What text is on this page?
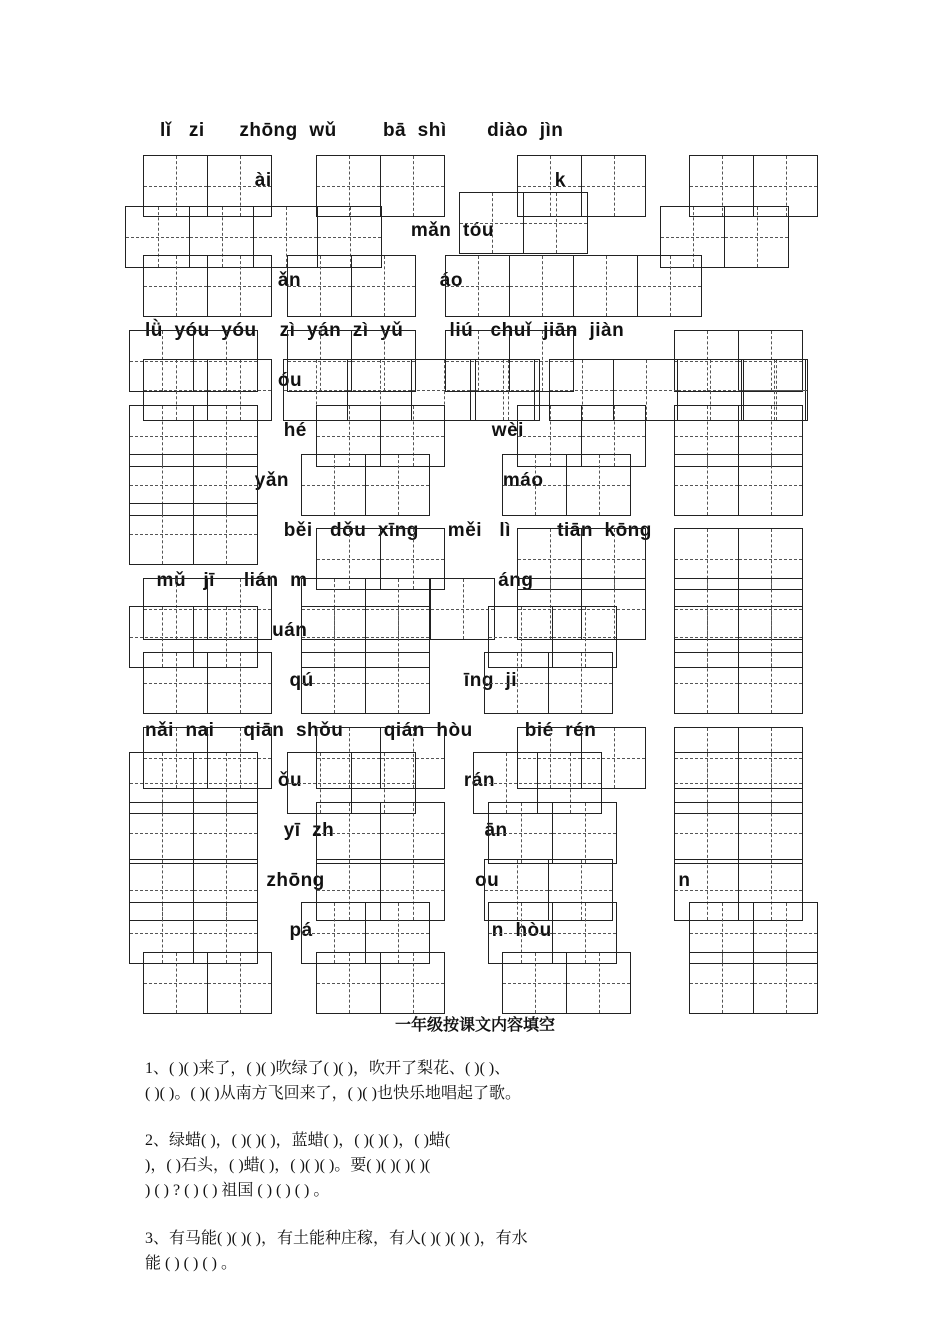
lǐ   zi      zhōng  wǔ        bā  shì       diào  jìn
ài                                                 k
mǎn  tóu
ǎn                        áo
lǜ  yóu  yóu    zì  yán  zì  yǔ        liú   chuǐ  jiān  jiàn
óu
hé                                wèi
yǎn                                     máo
běi   dǒu  xīng     měi   lì        tiān  kōng
mǔ   jī     lián  m                                 áng
uán
qú                          īng  ji
nǎi  nai     qiān  shǒu       qián  hòu         bié  rén
ǒu                            rán
yī  zh                          ān
zhōng                          ou                               n
pá                               n  hòu
一年级按课文内容填空
1、( )( )来了，( )( )吹绿了( )( )，吹开了梨花、( )( )、
( )( )。( )( )从南方飞回来了，( )( )也快乐地唱起了歌。
2、绿蜡( )，( )( )( )，蓝蜡( )，( )( )( )，( )蜡(
)，( )石头，( )蜡( )，( )( )( )。要( )( )( )( )(
) ( ) ? ( ) ( ) 祖国 ( ) ( ) ( ) 。
3、有马能( )( )( )，有土能种庄稼，有人( )( )( )( )，有水
能 ( ) ( ) ( ) 。
